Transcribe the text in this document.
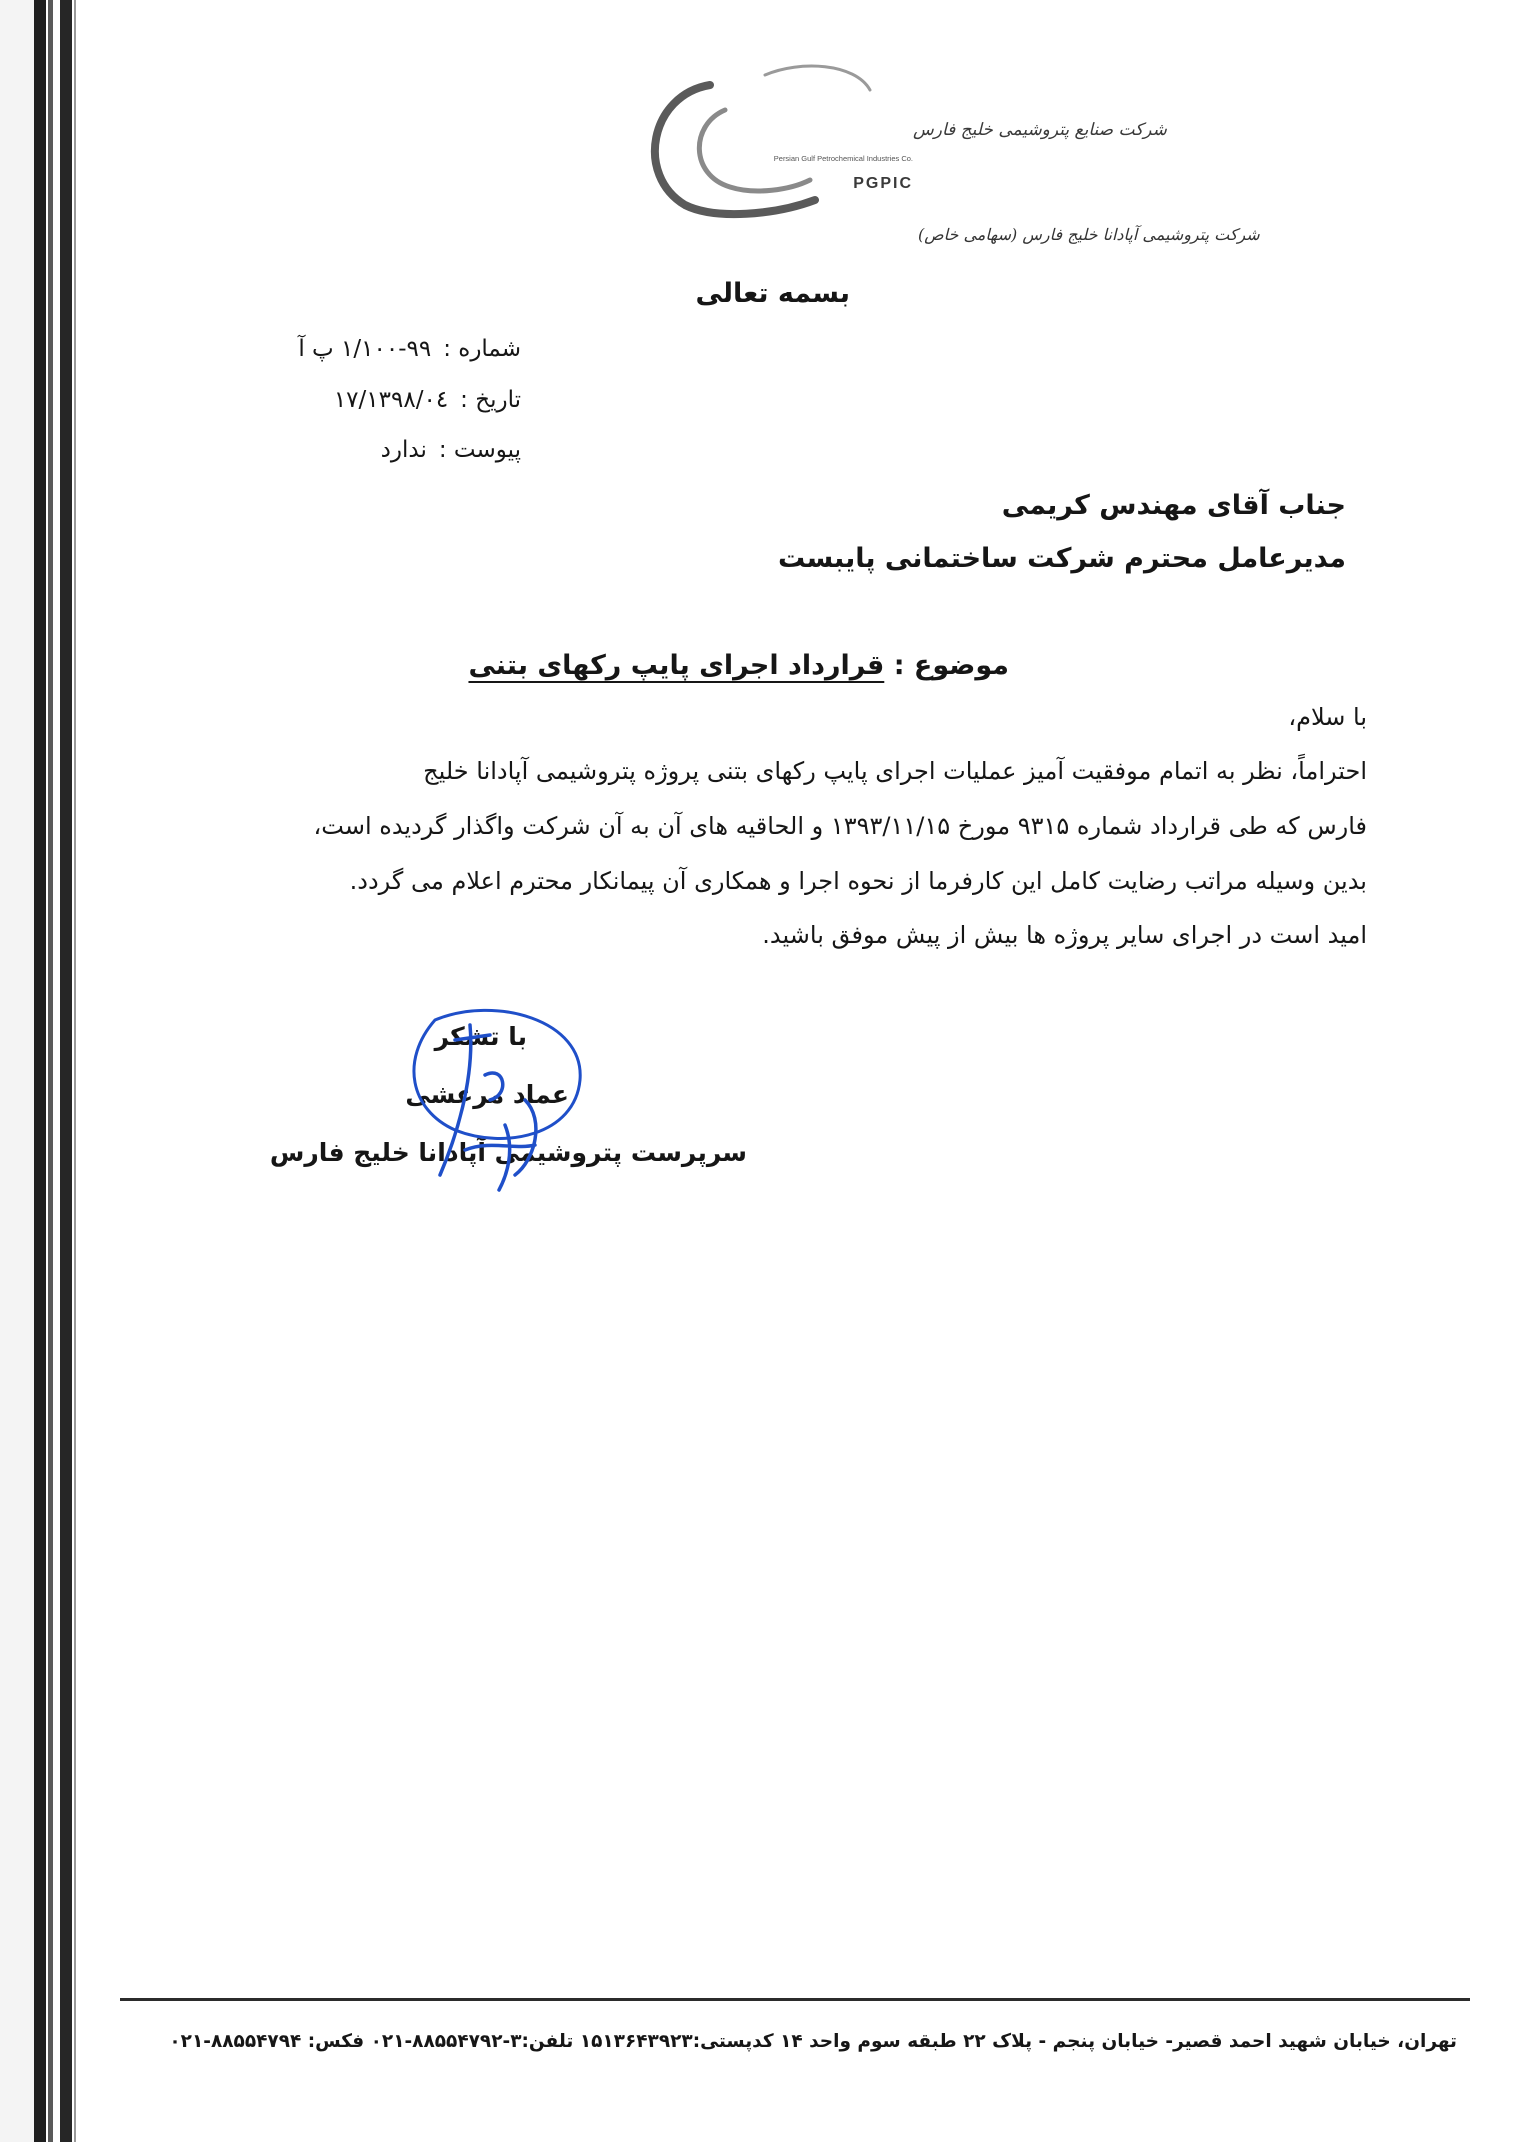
شرکت صنایع پتروشیمی خلیج فارس
Persian Gulf Petrochemical Industries Co.
PGPIC
شرکت پتروشیمی آپادانا خلیج فارس (سهامی خاص)
بسمه تعالی
شماره :۱/۱۰۰-۹۹ پ آ
تاریخ :۱۳۹۸/۰٤/۱۷
پیوست :ندارد
جناب آقای مهندس کریمی
مدیرعامل محترم شرکت ساختمانی پایبست
موضوع : قرارداد اجرای پایپ رکهای بتنی
با سلام،
احتراماً، نظر به اتمام موفقیت آمیز عملیات اجرای پایپ رکهای بتنی پروژه پتروشیمی آپادانا خلیج
فارس که طی قرارداد شماره ۹۳۱۵ مورخ ۱۳۹۳/۱۱/۱۵ و الحاقیه های آن به آن شرکت واگذار گردیده است،
بدین وسیله مراتب رضایت کامل این کارفرما از نحوه اجرا و همکاری آن پیمانکار محترم اعلام می گردد.
امید است در اجرای سایر پروژه ها بیش از پیش موفق باشید.
با تشکر
عماد مرعشی
سرپرست پتروشیمی آپادانا خلیج فارس
تهران، خیابان شهید احمد قصیر- خیابان پنجم - پلاک ۲۲ طبقه سوم واحد ۱۴ کدپستی:۱۵۱۳۶۴۳۹۲۳ تلفن:۳-۸۸۵۵۴۷۹۲-۰۲۱ فکس: ۸۸۵۵۴۷۹۴-۰۲۱
